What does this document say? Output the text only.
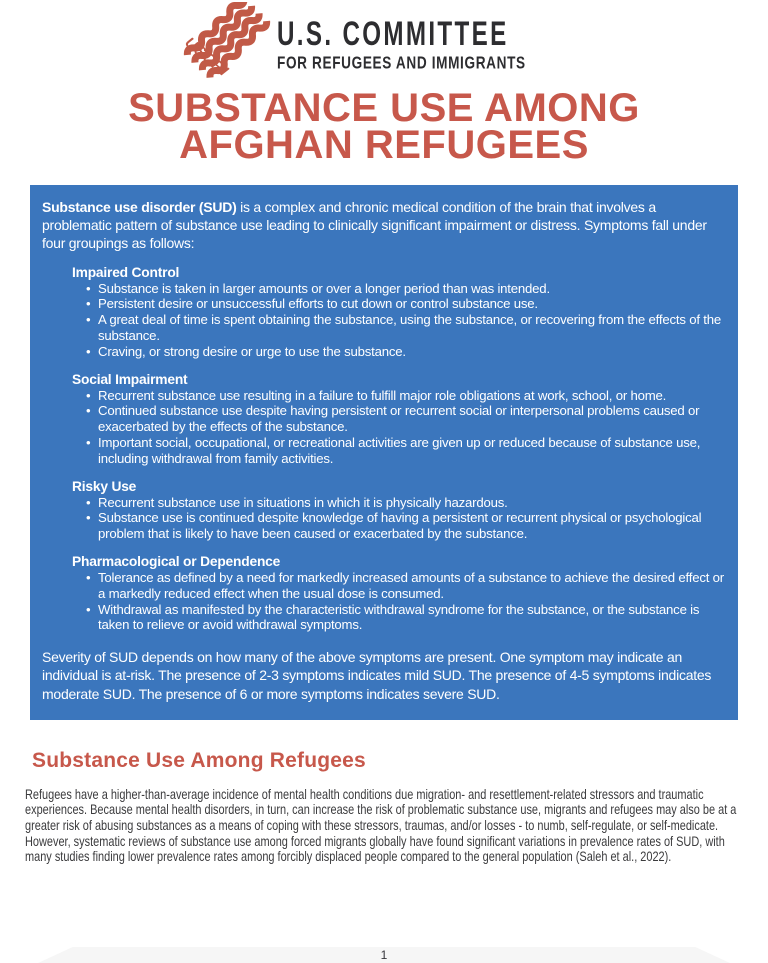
USCRI
U.S. COMMITTEE
FOR REFUGEES AND IMMIGRANTS
SUBSTANCE USE AMONG
AFGHAN REFUGEES

Substance use disorder (SUD) is a complex and chronic medical condition of the brain that involves a problematic pattern of substance use leading to clinically significant impairment or distress. Symptoms fall under four groupings as follows:

Impaired Control
• Substance is taken in larger amounts or over a longer period than was intended.
• Persistent desire or unsuccessful efforts to cut down or control substance use.
• A great deal of time is spent obtaining the substance, using the substance, or recovering from the effects of the substance.
• Craving, or strong desire or urge to use the substance.
Social Impairment
• Recurrent substance use resulting in a failure to fulfill major role obligations at work, school, or home.
• Continued substance use despite having persistent or recurrent social or interpersonal problems caused or exacerbated by the effects of the substance.
• Important social, occupational, or recreational activities are given up or reduced because of substance use, including withdrawal from family activities.
Risky Use
• Recurrent substance use in situations in which it is physically hazardous.
• Substance use is continued despite knowledge of having a persistent or recurrent physical or psychological problem that is likely to have been caused or exacerbated by the substance.
Pharmacological or Dependence
• Tolerance as defined by a need for markedly increased amounts of a substance to achieve the desired effect or a markedly reduced effect when the usual dose is consumed.
• Withdrawal as manifested by the characteristic withdrawal syndrome for the substance, or the substance is taken to relieve or avoid withdrawal symptoms.

Severity of SUD depends on how many of the above symptoms are present. One symptom may indicate an individual is at-risk. The presence of 2-3 symptoms indicates mild SUD. The presence of 4-5 symptoms indicates moderate SUD. The presence of 6 or more symptoms indicates severe SUD.

Substance Use Among Refugees

Refugees have a higher-than-average incidence of mental health conditions due migration- and resettlement-related stressors and traumatic experiences. Because mental health disorders, in turn, can increase the risk of problematic substance use, migrants and refugees may also be at a greater risk of abusing substances as a means of coping with these stressors, traumas, and/or losses - to numb, self-regulate, or self-medicate. However, systematic reviews of substance use among forced migrants globally have found significant variations in prevalence rates of SUD, with many studies finding lower prevalence rates among forcibly displaced people compared to the general population (Saleh et al., 2022).

1
